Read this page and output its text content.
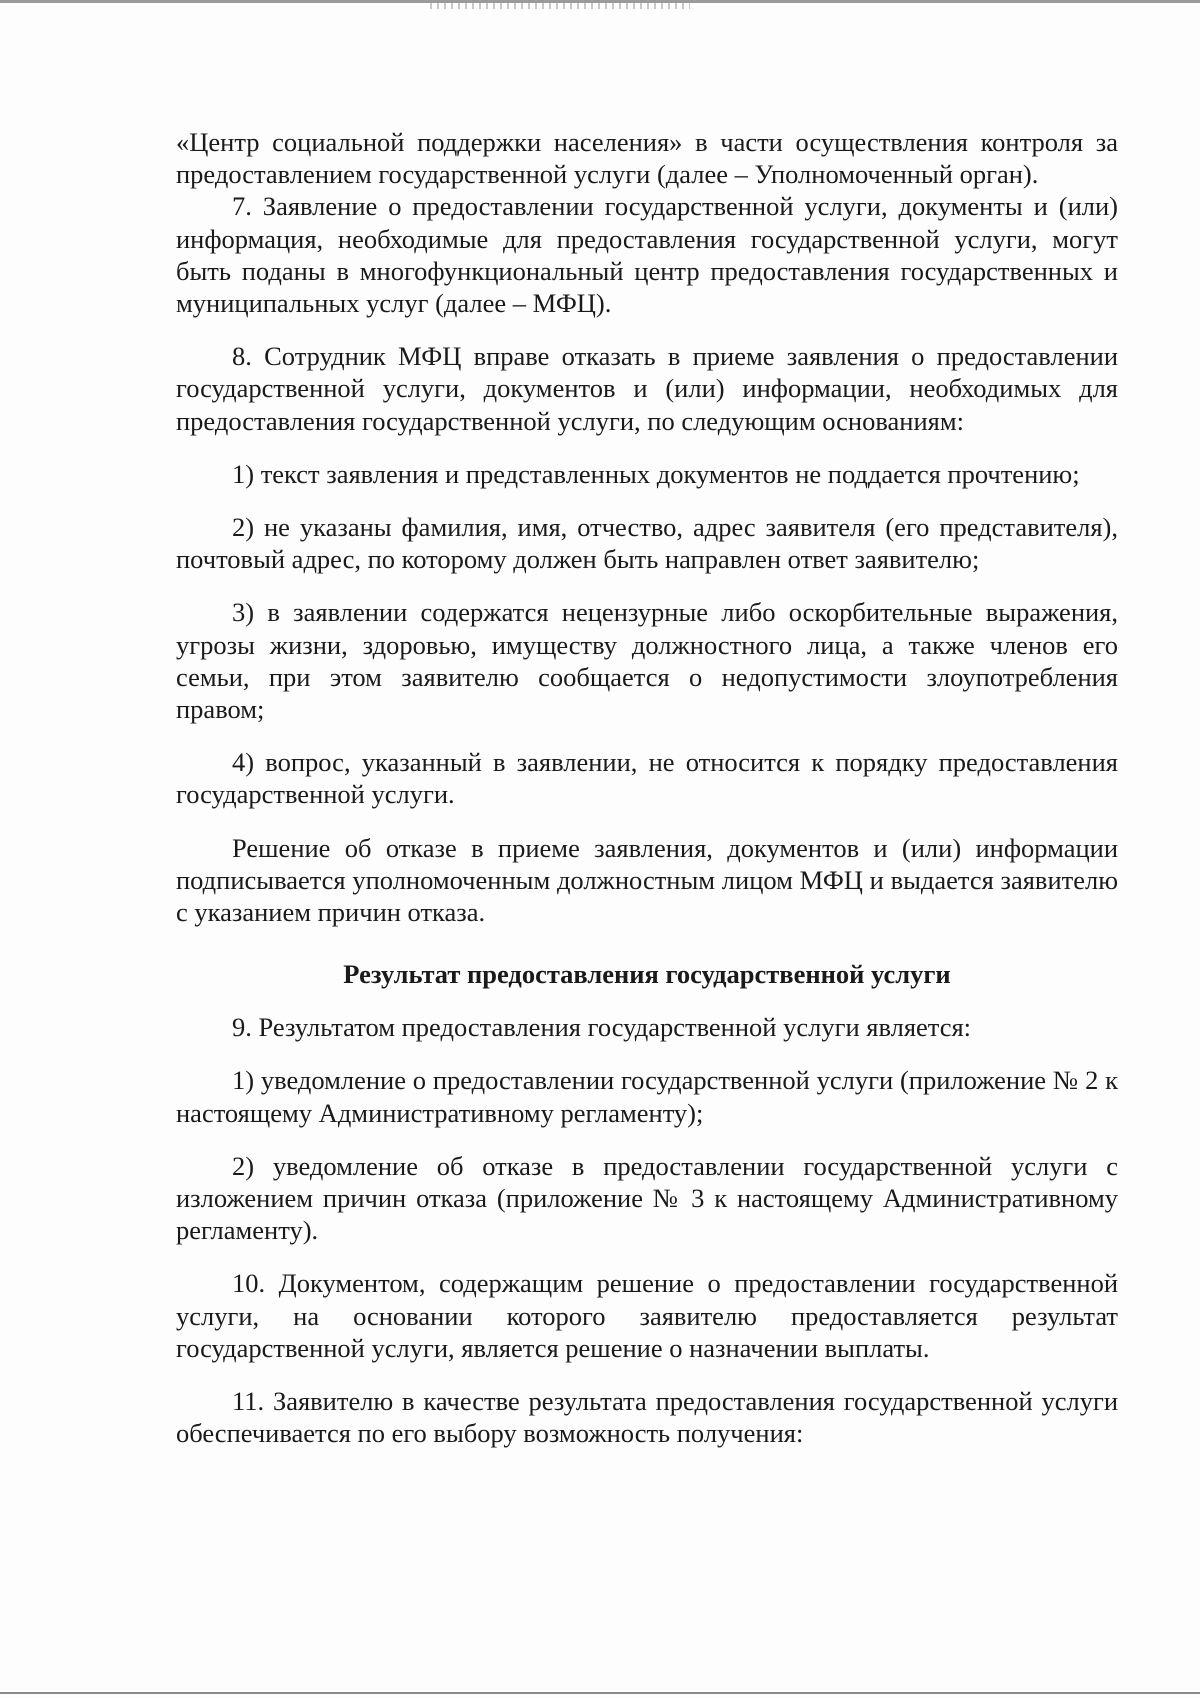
«Центр социальной поддержки населения» в части осуществления контроля за предоставлением государственной услуги (далее – Уполномоченный орган).

7. Заявление о предоставлении государственной услуги, документы и (или) информация, необходимые для предоставления государственной услуги, могут быть поданы в многофункциональный центр предоставления государственных и муниципальных услуг (далее – МФЦ).

8. Сотрудник МФЦ вправе отказать в приеме заявления о предоставлении государственной услуги, документов и (или) информации, необходимых для предоставления государственной услуги, по следующим основаниям:

1) текст заявления и представленных документов не поддается прочтению;

2) не указаны фамилия, имя, отчество, адрес заявителя (его представителя), почтовый адрес, по которому должен быть направлен ответ заявителю;

3) в заявлении содержатся нецензурные либо оскорбительные выражения, угрозы жизни, здоровью, имуществу должностного лица, а также членов его семьи, при этом заявителю сообщается о недопустимости злоупотребления правом;

4) вопрос, указанный в заявлении, не относится к порядку предоставления государственной услуги.

Решение об отказе в приеме заявления, документов и (или) информации подписывается уполномоченным должностным лицом МФЦ и выдается заявителю с указанием причин отказа.

Результат предоставления государственной услуги

9. Результатом предоставления государственной услуги является:

1) уведомление о предоставлении государственной услуги (приложение № 2 к настоящему Административному регламенту);

2) уведомление об отказе в предоставлении государственной услуги с изложением причин отказа (приложение № 3 к настоящему Административному регламенту).

10. Документом, содержащим решение о предоставлении государственной услуги, на основании которого заявителю предоставляется результат государственной услуги, является решение о назначении выплаты.

11. Заявителю в качестве результата предоставления государственной услуги обеспечивается по его выбору возможность получения:
